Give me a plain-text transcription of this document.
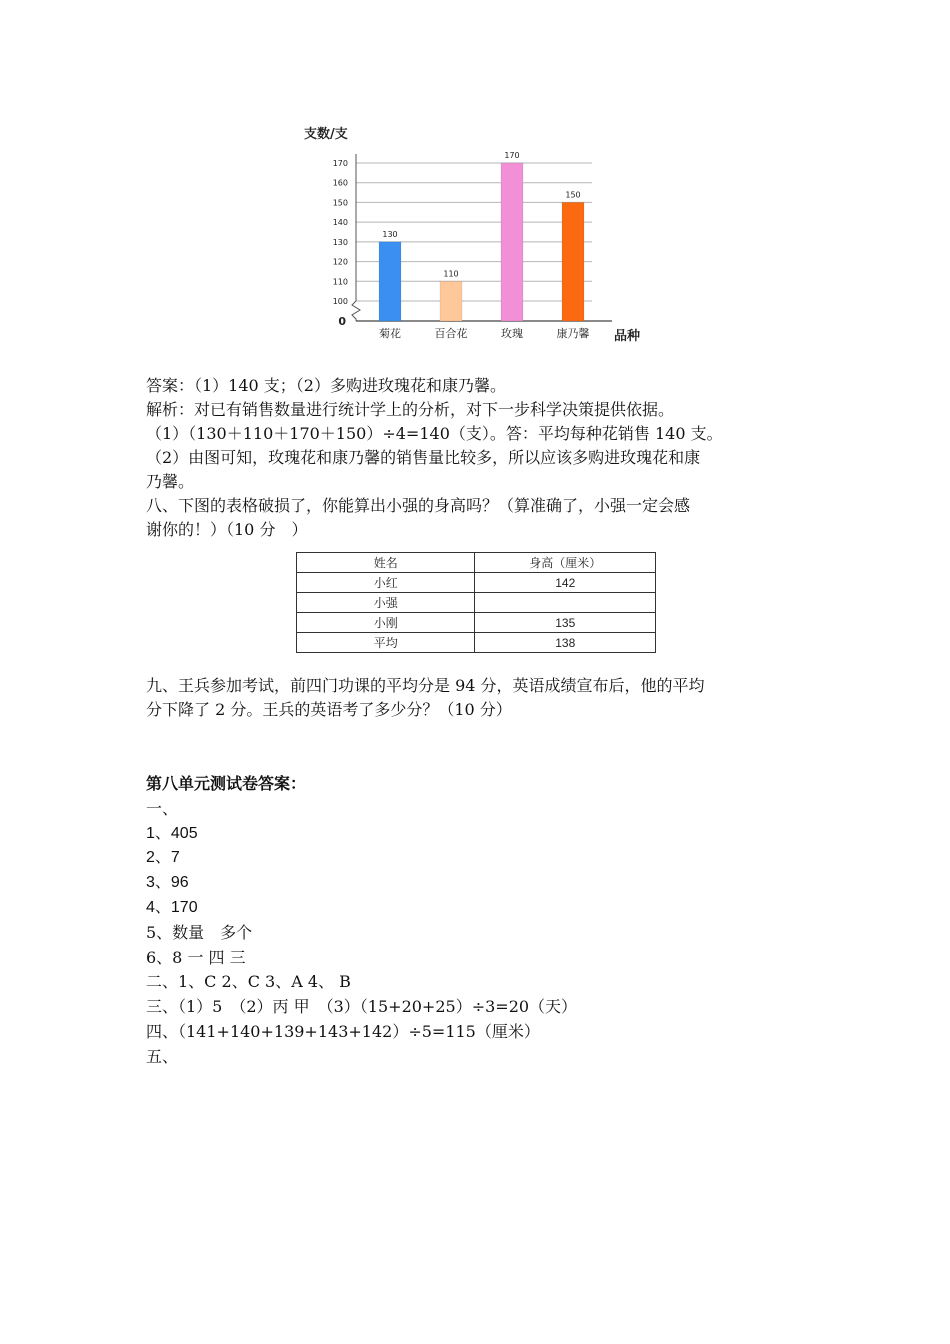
100
110
120
130
140
150
160
170
0
支数/支
品种
130
菊花
110
百合花
170
玫瑰
150
康乃馨
答案：（1）140 支；（2）多购进玫瑰花和康乃馨。
解析：对已有销售数量进行统计学上的分析，对下一步科学决策提供依据。
（1）（130＋110＋170＋150）÷4=140（支）。答：平均每种花销售 140 支。
（2）由图可知，玫瑰花和康乃馨的销售量比较多，所以应该多购进玫瑰花和康
乃馨。
八、下图的表格破损了，你能算出小强的身高吗？（算准确了，小强一定会感
谢你的！）（10 分　）
姓名	身高（厘米）
小红	142
小强	
小刚	135
平均	138
九、王兵参加考试，前四门功课的平均分是 94 分，英语成绩宣布后，他的平均
分下降了 2 分。王兵的英语考了多少分？（10 分）
第八单元测试卷答案：
一、
1、405
2、7
3、96
4、170
5、数量　多个
6、8 一 四 三
二、1、C 2、C 3、A 4、 B
三、（1）5　（2）丙 甲　（3）（15+20+25）÷3=20（天）
四、（141+140+139+143+142）÷5=115（厘米）
五、
